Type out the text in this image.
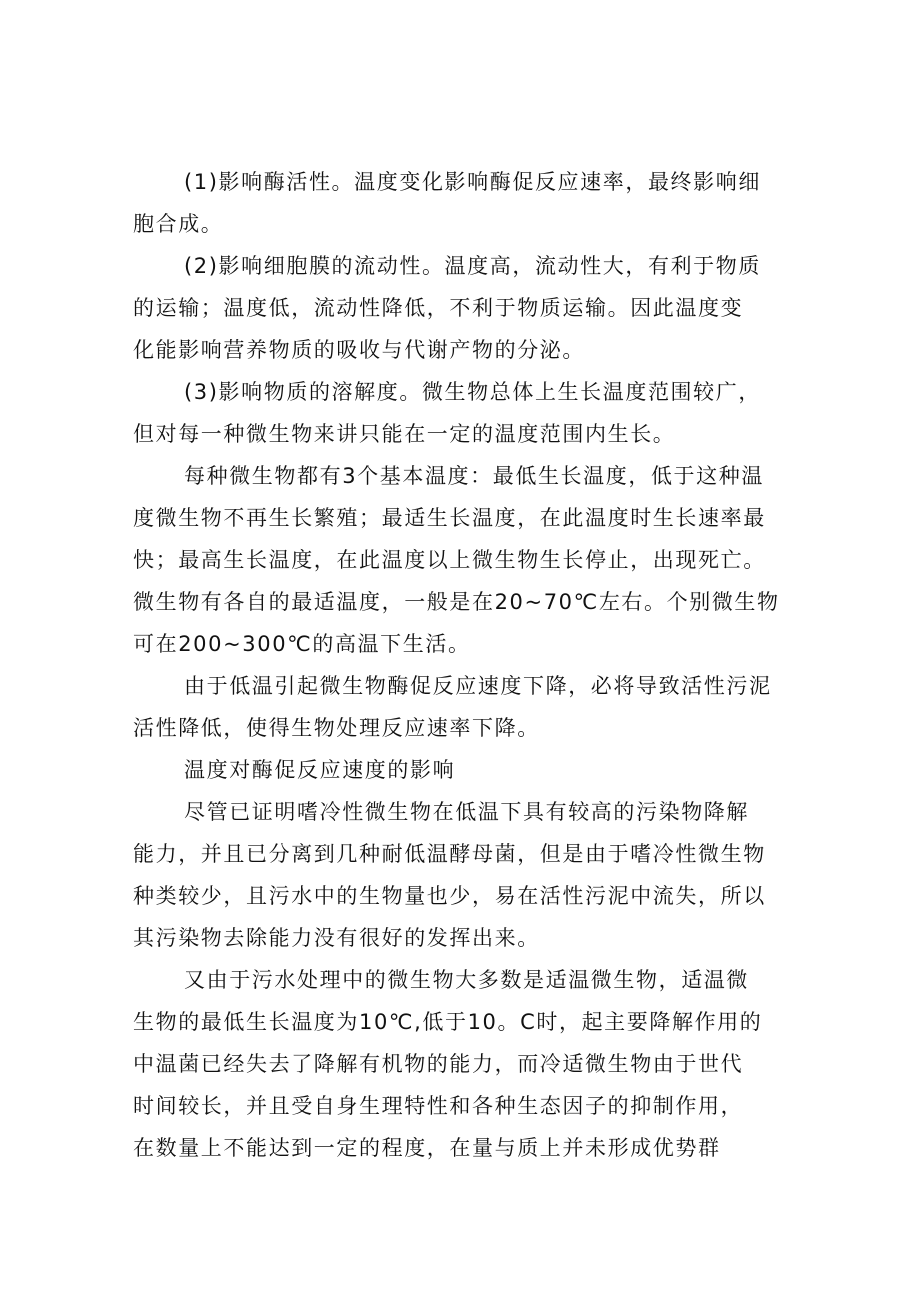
(1)影响酶活性。温度变化影响酶促反应速率，最终影响细
胞合成。
(2)影响细胞膜的流动性。温度高，流动性大，有利于物质
的运输；温度低，流动性降低，不利于物质运输。因此温度变
化能影响营养物质的吸收与代谢产物的分泌。
(3)影响物质的溶解度。微生物总体上生长温度范围较广，
但对每一种微生物来讲只能在一定的温度范围内生长。
每种微生物都有3个基本温度：最低生长温度，低于这种温
度微生物不再生长繁殖；最适生长温度，在此温度时生长速率最
快；最高生长温度，在此温度以上微生物生长停止，出现死亡。
微生物有各自的最适温度，一般是在20~70℃左右。个别微生物
可在200~300℃的高温下生活。
由于低温引起微生物酶促反应速度下降，必将导致活性污泥
活性降低，使得生物处理反应速率下降。
温度对酶促反应速度的影响
尽管已证明嗜冷性微生物在低温下具有较高的污染物降解
能力，并且已分离到几种耐低温酵母菌，但是由于嗜冷性微生物
种类较少，且污水中的生物量也少，易在活性污泥中流失，所以
其污染物去除能力没有很好的发挥出来。
又由于污水处理中的微生物大多数是适温微生物，适温微
生物的最低生长温度为10℃,低于10。C时，起主要降解作用的
中温菌已经失去了降解有机物的能力，而冷适微生物由于世代
时间较长，并且受自身生理特性和各种生态因子的抑制作用，
在数量上不能达到一定的程度，在量与质上并未形成优势群
